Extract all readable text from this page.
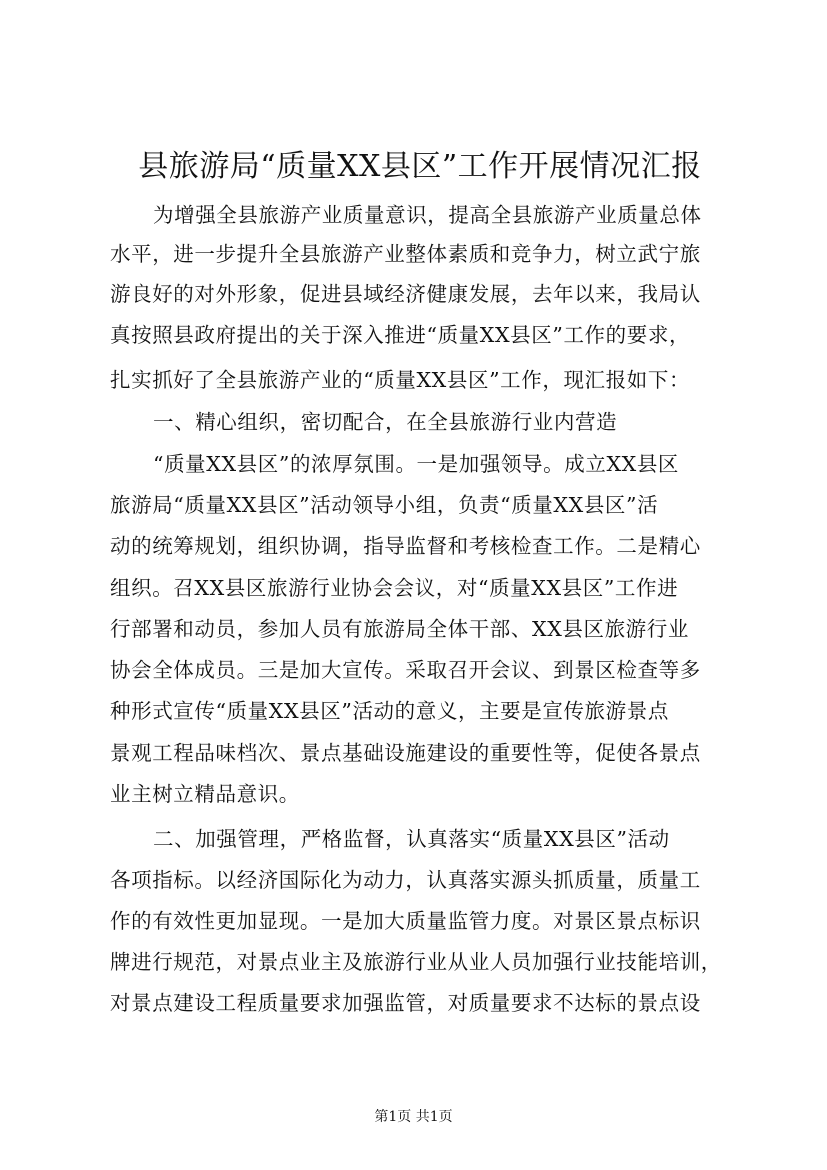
县旅游局“质量XX县区”工作开展情况汇报
为增强全县旅游产业质量意识，提高全县旅游产业质量总体
水平，进一步提升全县旅游产业整体素质和竞争力，树立武宁旅
游良好的对外形象，促进县域经济健康发展，去年以来，我局认
真按照县政府提出的关于深入推进“质量XX县区”工作的要求，
扎实抓好了全县旅游产业的“质量XX县区”工作，现汇报如下：
一、精心组织，密切配合，在全县旅游行业内营造
“质量XX县区”的浓厚氛围。一是加强领导。成立XX县区
旅游局“质量XX县区”活动领导小组，负责“质量XX县区”活
动的统筹规划，组织协调，指导监督和考核检查工作。二是精心
组织。召XX县区旅游行业协会会议，对“质量XX县区”工作进
行部署和动员，参加人员有旅游局全体干部、XX县区旅游行业
协会全体成员。三是加大宣传。采取召开会议、到景区检查等多
种形式宣传“质量XX县区”活动的意义，主要是宣传旅游景点
景观工程品味档次、景点基础设施建设的重要性等，促使各景点
业主树立精品意识。
二、加强管理，严格监督，认真落实“质量XX县区”活动
各项指标。以经济国际化为动力，认真落实源头抓质量，质量工
作的有效性更加显现。一是加大质量监管力度。对景区景点标识
牌进行规范，对景点业主及旅游行业从业人员加强行业技能培训，
对景点建设工程质量要求加强监管，对质量要求不达标的景点设
第1页 共1页
